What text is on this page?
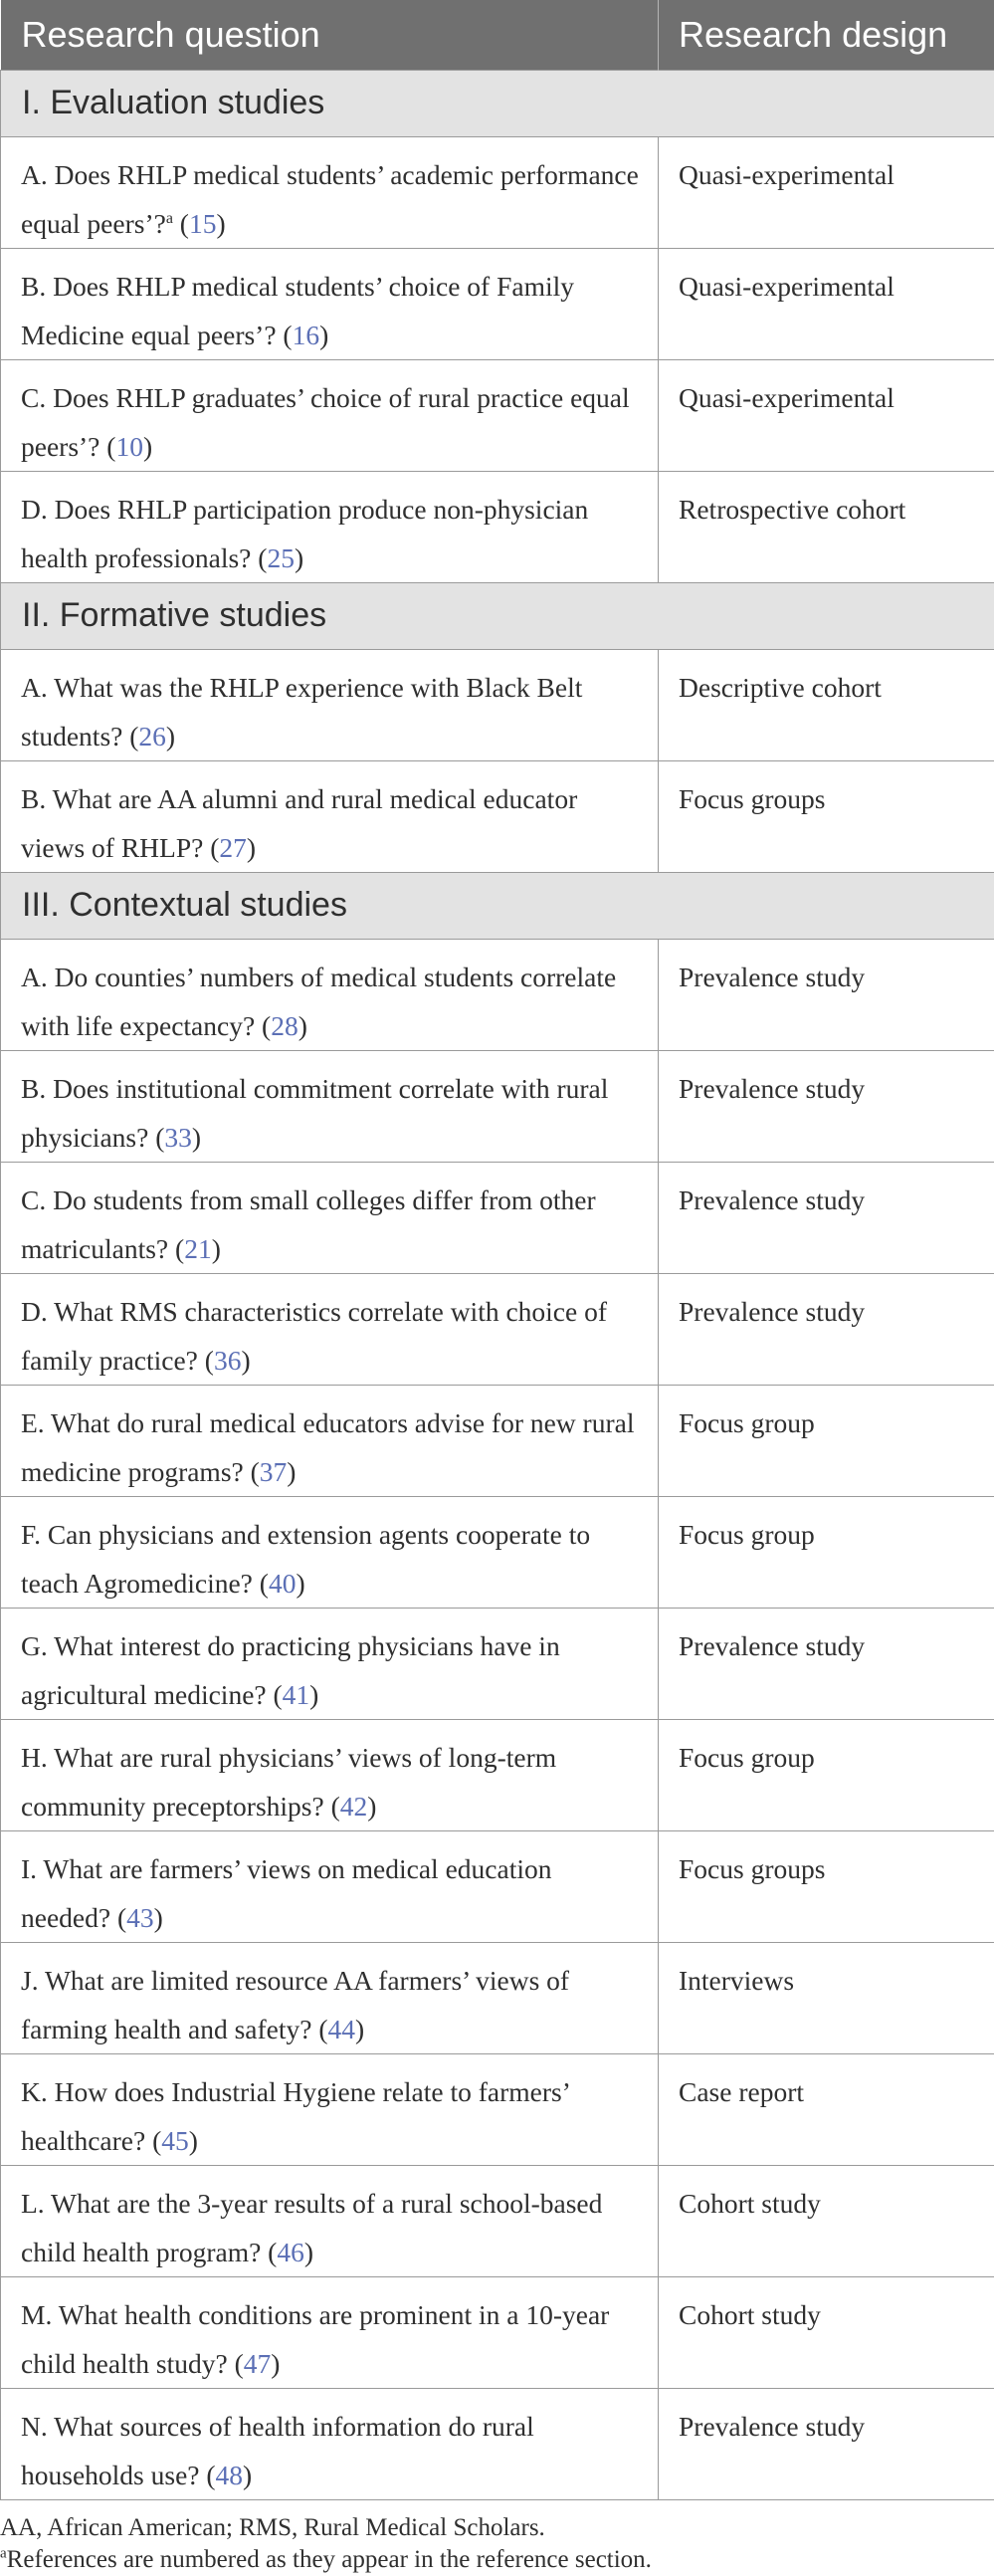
Research question	Research design
I. Evaluation studies	
A. Does RHLP medical students’ academic performance equal peers’?$^a$ (15)	Quasi-experimental
B. Does RHLP medical students’ choice of Family Medicine equal peers’? (16)	Quasi-experimental
C. Does RHLP graduates’ choice of rural practice equal peers’? (10)	Quasi-experimental
D. Does RHLP participation produce non-physician health professionals? (25)	Retrospective cohort
II. Formative studies	
A. What was the RHLP experience with Black Belt students? (26)	Descriptive cohort
B. What are AA alumni and rural medical educator views of RHLP? (27)	Focus groups
III. Contextual studies	
A. Do counties’ numbers of medical students correlate with life expectancy? (28)	Prevalence study
B. Does institutional commitment correlate with rural physicians? (33)	Prevalence study
C. Do students from small colleges differ from other matriculants? (21)	Prevalence study
D. What RMS characteristics correlate with choice of family practice? (36)	Prevalence study
E. What do rural medical educators advise for new rural medicine programs? (37)	Focus group
F. Can physicians and extension agents cooperate to teach Agromedicine? (40)	Focus group
G. What interest do practicing physicians have in agricultural medicine? (41)	Prevalence study
H. What are rural physicians’ views of long-term community preceptorships? (42)	Focus group
I. What are farmers’ views on medical education needed? (43)	Focus groups
J. What are limited resource AA farmers’ views of farming health and safety? (44)	Interviews
K. How does Industrial Hygiene relate to farmers’ healthcare? (45)	Case report
L. What are the 3-year results of a rural school-based child health program? (46)	Cohort study
M. What health conditions are prominent in a 10-year child health study? (47)	Cohort study
N. What sources of health information do rural households use? (48)	Prevalence study
AA, African American; RMS, Rural Medical Scholars.
$^a$References are numbered as they appear in the reference section.
